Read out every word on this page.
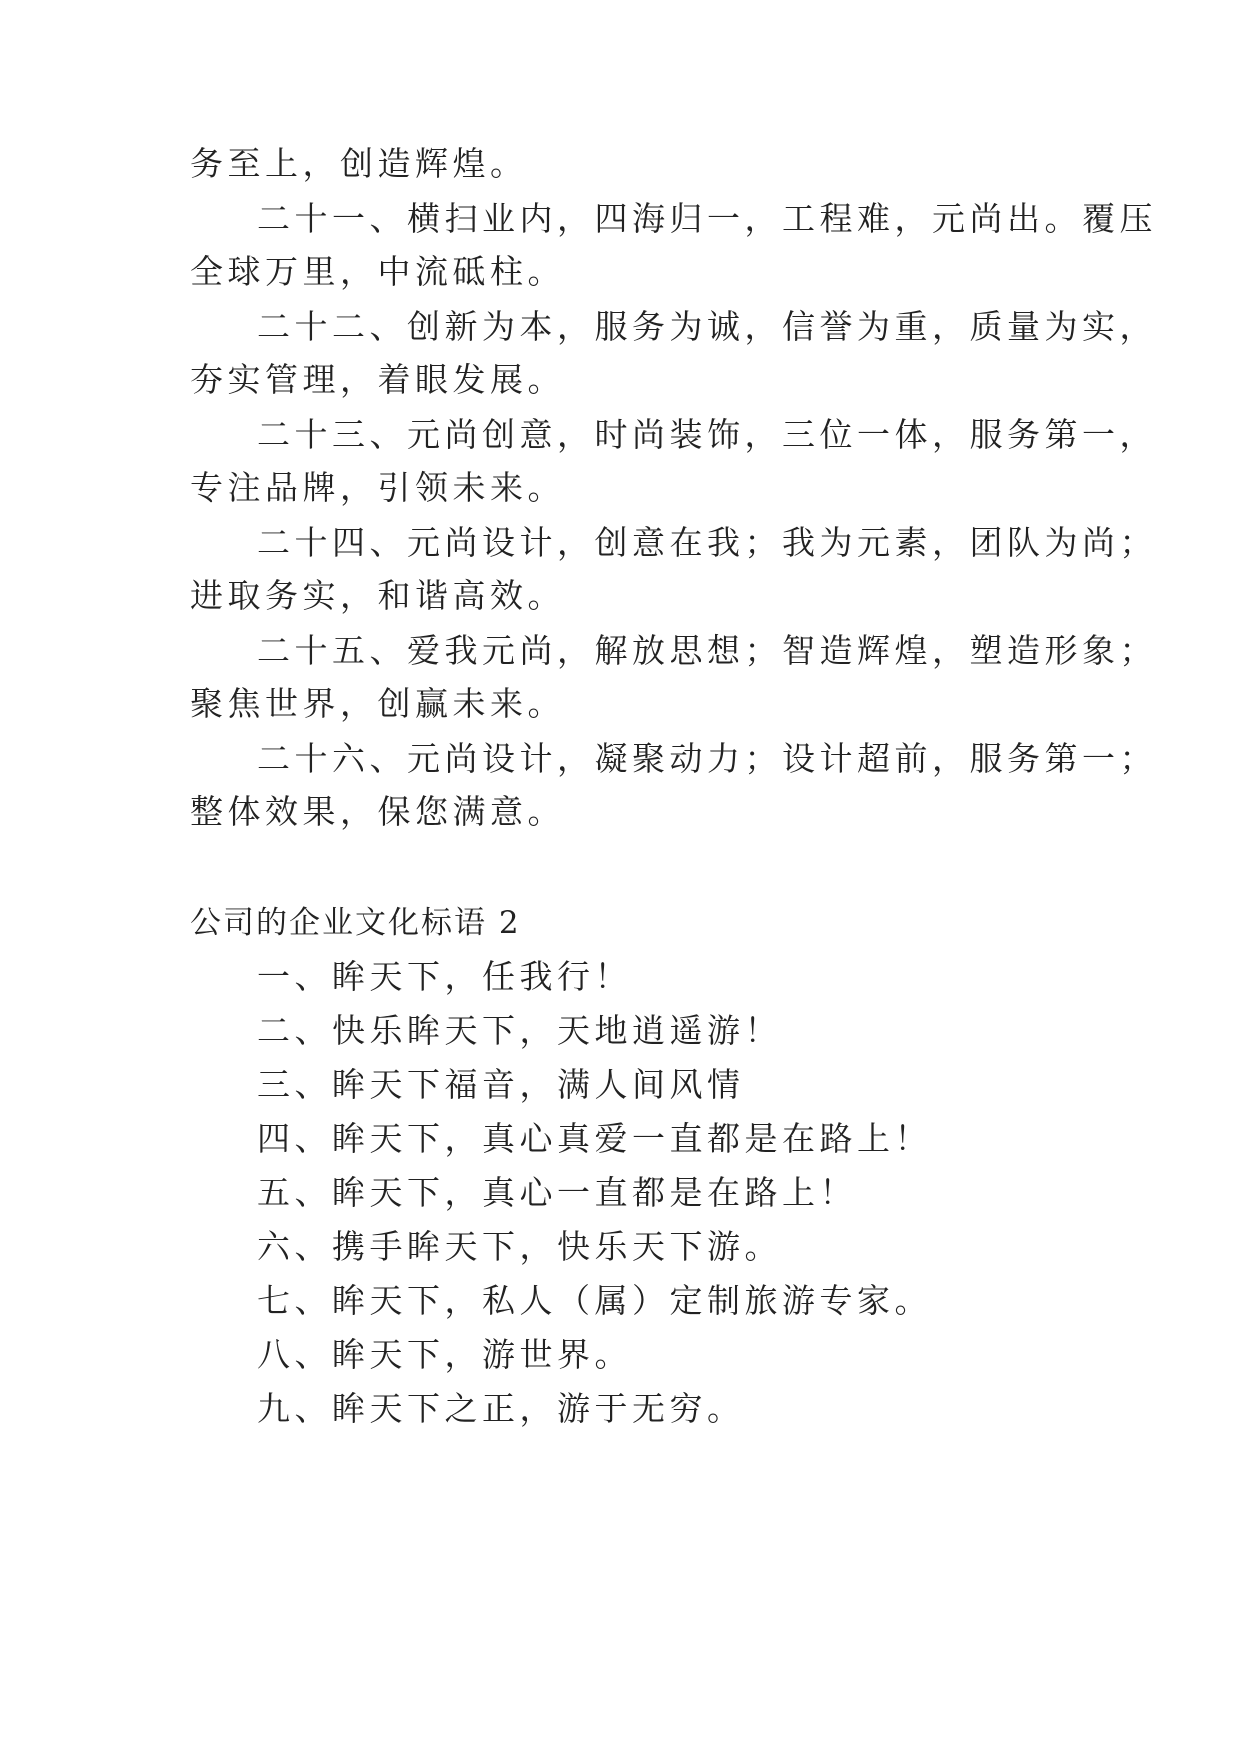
务至上，创造辉煌。
二十一、横扫业内，四海归一，工程难，元尚出。覆压
全球万里，中流砥柱。
二十二、创新为本，服务为诚，信誉为重，质量为实，
夯实管理，着眼发展。
二十三、元尚创意，时尚装饰，三位一体，服务第一，
专注品牌，引领未来。
二十四、元尚设计，创意在我；我为元素，团队为尚；
进取务实，和谐高效。
二十五、爱我元尚，解放思想；智造辉煌，塑造形象；
聚焦世界，创赢未来。
二十六、元尚设计，凝聚动力；设计超前，服务第一；
整体效果，保您满意。
公司的企业文化标语 2
一、眸天下，任我行！
二、快乐眸天下，天地逍遥游！
三、眸天下福音，满人间风情
四、眸天下，真心真爱一直都是在路上！
五、眸天下，真心一直都是在路上！
六、携手眸天下，快乐天下游。
七、眸天下，私人（属）定制旅游专家。
八、眸天下，游世界。
九、眸天下之正，游于无穷。
